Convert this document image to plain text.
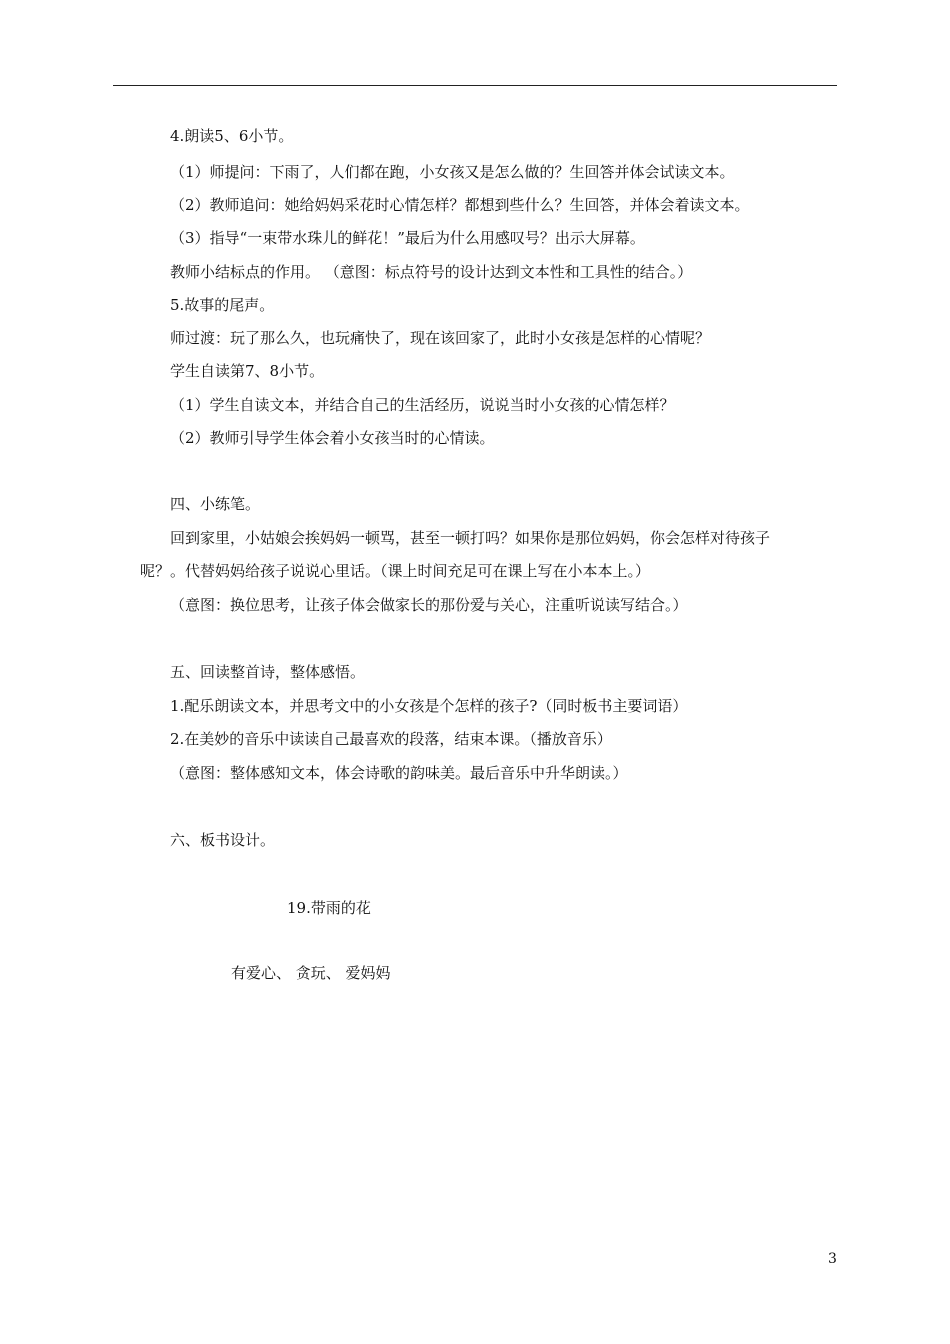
4.朗读5、6小节。
（1）师提问：下雨了，人们都在跑，小女孩又是怎么做的？生回答并体会试读文本。
（2）教师追问：她给妈妈采花时心情怎样？都想到些什么？生回答，并体会着读文本。
（3）指导“一束带水珠儿的鲜花！”最后为什么用感叹号？出示大屏幕。
教师小结标点的作用。 （意图：标点符号的设计达到文本性和工具性的结合。）
5.故事的尾声。
师过渡：玩了那么久，也玩痛快了，现在该回家了，此时小女孩是怎样的心情呢？
学生自读第7、8小节。
（1）学生自读文本，并结合自己的生活经历，说说当时小女孩的心情怎样？
（2）教师引导学生体会着小女孩当时的心情读。
四、小练笔。
回到家里，小姑娘会挨妈妈一顿骂，甚至一顿打吗？如果你是那位妈妈，你会怎样对待孩子
呢？。代替妈妈给孩子说说心里话。（课上时间充足可在课上写在小本本上。）
（意图：换位思考，让孩子体会做家长的那份爱与关心，注重听说读写结合。）
五、回读整首诗，整体感悟。
1.配乐朗读文本，并思考文中的小女孩是个怎样的孩子?（同时板书主要词语）
2.在美妙的音乐中读读自己最喜欢的段落，结束本课。（播放音乐）
（意图：整体感知文本，体会诗歌的韵味美。最后音乐中升华朗读。）
六、板书设计。
19.带雨的花
有爱心、 贪玩、 爱妈妈
3
